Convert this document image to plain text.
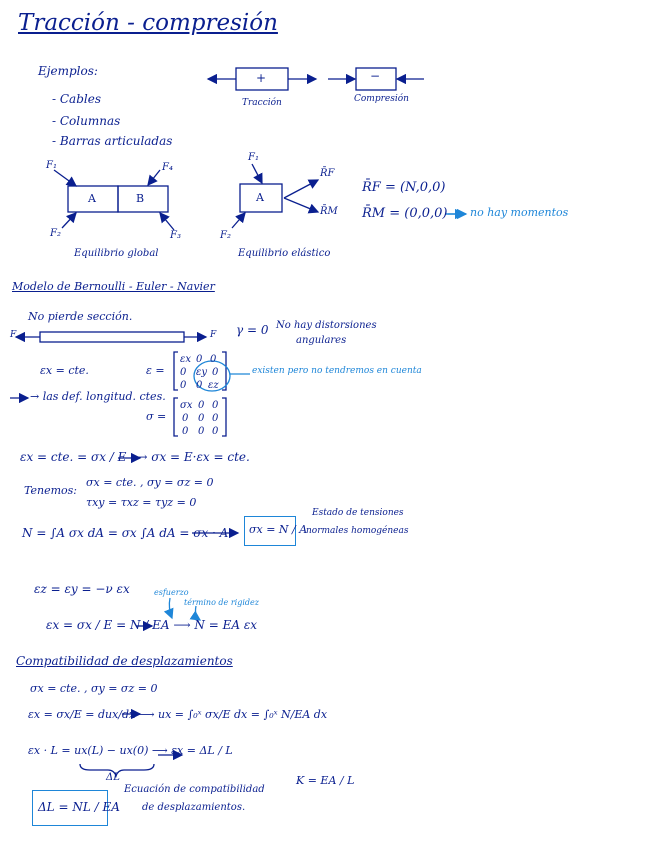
Tracción - compresión
Ejemplos:
- Cables
- Columnas
- Barras articuladas
+	−
Tracción	Compresión
A	B
F₁	F₄
F₂	F₃
Equilibrio global
A
F₁
F₂
R̄F
R̄M
Equilibrio elástico
R̄F = (N,0,0)
R̄M = (0,0,0) no hay momentos
Modelo de Bernoulli - Euler - Navier
No pierde sección.
F	F γ = 0 No hay distorsiones
angulares
εx = cte.
→ las def. longitud. ctes.
ε =
εx 0 0
0 εy 0
0 0 εz
existen pero no tendremos en cuenta
σ =
σx 0 0
0 0 0
0 0 0
εx = cte. = σx / E ⟶ σx = E·εx = cte.
Tenemos:
σx = cte. , σy = σz = 0
τxy = τxz = τyz = 0
N = ∫A σx dA = σx ∫A dA = σx · A σx = N / A
Estado de tensiones
normales homogéneas
εz = εy = −ν εx	esfuerzo
término de rigidez
εx = σx / E = N / EA ⟶ N = EA εx
Compatibilidad de desplazamientos
σx = cte. , σy = σz = 0
εx = σx/E = dux/dx ⟶ ux = ∫₀ˣ σx/E dx = ∫₀ˣ N/EA dx
εx · L = ux(L) − ux(0) ⟶ εx = ΔL / L
ΔL
ΔL = NL / EA
Ecuación de compatibilidad
de desplazamientos.
K = EA / L
